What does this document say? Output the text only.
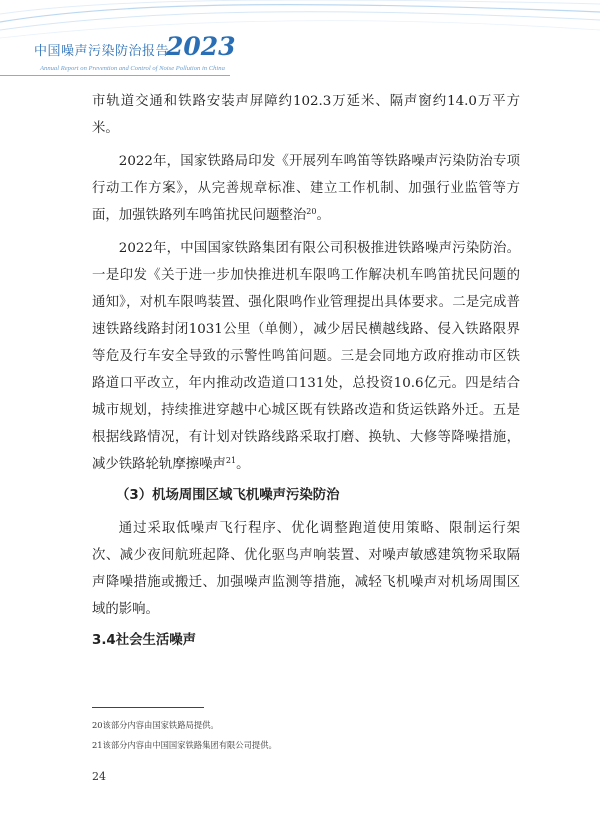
中国噪声污染防治报告
2023
Annual Report on Prevention and Control of Noise Pollution in China

市轨道交通和铁路安装声屏障约102.3万延米、隔声窗约14.0万平方米。

2022年，国家铁路局印发《开展列车鸣笛等铁路噪声污染防治专项行动工作方案》，从完善规章标准、建立工作机制、加强行业监管等方面，加强铁路列车鸣笛扰民问题整治$^{20}$。

2022年，中国国家铁路集团有限公司积极推进铁路噪声污染防治。一是印发《关于进一步加快推进机车限鸣工作解决机车鸣笛扰民问题的通知》，对机车限鸣装置、强化限鸣作业管理提出具体要求。二是完成普速铁路线路封闭1031公里（单侧），减少居民横越线路、侵入铁路限界等危及行车安全导致的示警性鸣笛问题。三是会同地方政府推动市区铁路道口平改立，年内推动改造道口131处，总投资10.6亿元。四是结合城市规划，持续推进穿越中心城区既有铁路改造和货运铁路外迁。五是根据线路情况，有计划对铁路线路采取打磨、换轨、大修等降噪措施，减少铁路轮轨摩擦噪声$^{21}$。

（3）机场周围区域飞机噪声污染防治

通过采取低噪声飞行程序、优化调整跑道使用策略、限制运行架次、减少夜间航班起降、优化驱鸟声响装置、对噪声敏感建筑物采取隔声降噪措施或搬迁、加强噪声监测等措施，减轻飞机噪声对机场周围区域的影响。

3.4社会生活噪声
20该部分内容由国家铁路局提供。
21该部分内容由中国国家铁路集团有限公司提供。
24
